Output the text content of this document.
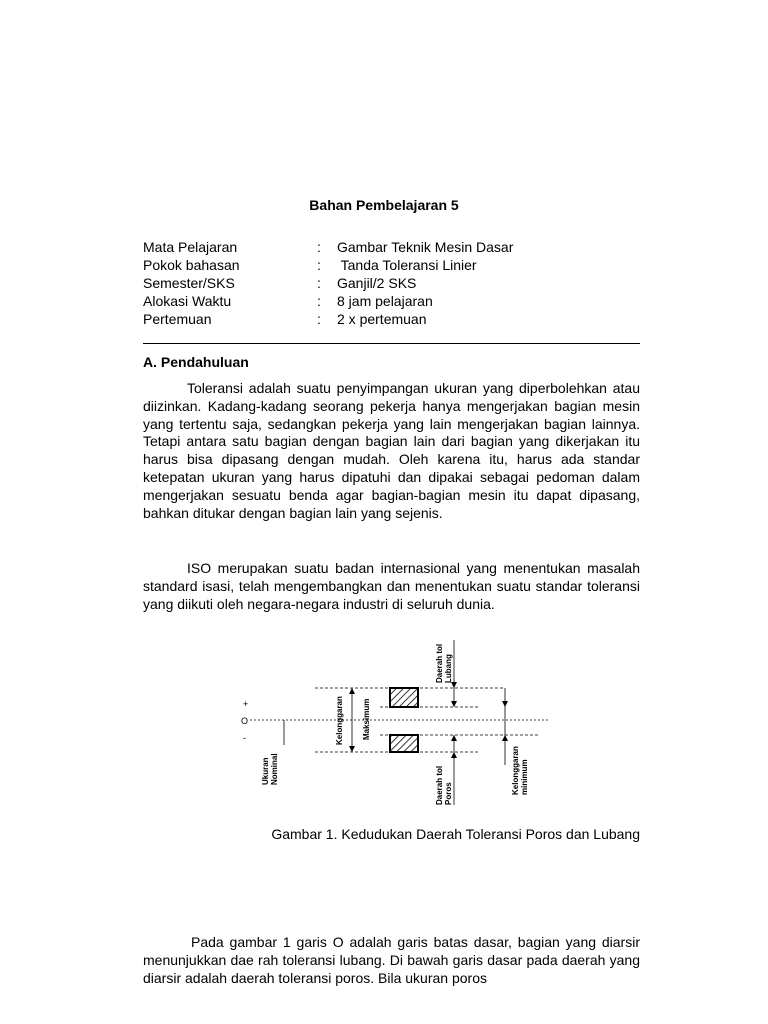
Bahan Pembelajaran 5
Mata Pelajaran	: Gambar Teknik Mesin Dasar
Pokok bahasan	: Tanda Toleransi Linier
Semester/SKS	: Ganjil/2 SKS
Alokasi Waktu	: 8 jam pelajaran
Pertemuan	: 2 x pertemuan
A. Pendahuluan

Toleransi adalah suatu penyimpangan ukuran yang diperbolehkan atau diizinkan. Kadang-kadang seorang pekerja hanya mengerjakan bagian mesin yang tertentu saja, sedangkan pekerja yang lain mengerjakan bagian lainnya. Tetapi antara satu bagian dengan bagian lain dari bagian yang dikerjakan itu harus bisa dipasang dengan mudah. Oleh karena itu, harus ada standar ketepatan ukuran yang harus dipatuhi dan dipakai sebagai pedoman dalam mengerjakan sesuatu benda agar bagian-bagian mesin itu dapat dipasang, bahkan ditukar dengan bagian lain yang sejenis.

ISO merupakan suatu badan internasional yang menentukan masalah standard isasi, telah mengembangkan dan menentukan suatu standar toleransi yang diikuti oleh negara-negara industri di seluruh dunia.

+
O
-
Ukuran Nominal
Kelonggaran Maksimum
Daerah tol Lubang
Daerah tol Poros	Kelonggaran minimum
Gambar 1. Kedudukan Daerah Toleransi Poros dan Lubang

Pada gambar 1 garis O adalah garis batas dasar, bagian yang diarsir menunjukkan dae rah toleransi lubang. Di bawah garis dasar pada daerah yang diarsir adalah daerah toleransi poros. Bila ukuran poros
